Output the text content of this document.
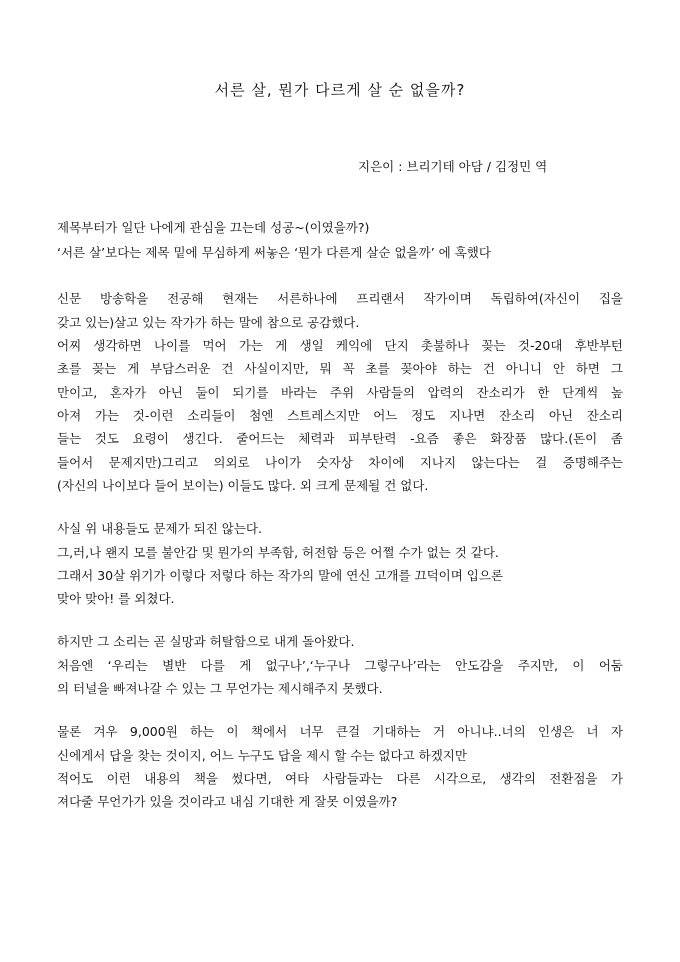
서른 살, 뭔가 다르게 살 순 없을까?
지은이 : 브리기테 아담 / 김정민 역
제목부터가 일단 나에게 관심을 끄는데 성공~(이였을까?)
‘서른 살’보다는 제목 밑에 무심하게 써놓은 ‘뭔가 다른게 살순 없을까’ 에 혹했다
신문 방송학을 전공해 현재는 서른하나에 프리랜서 작가이며 독립하여(자신이 집을
갖고 있는)살고 있는 작가가 하는 말에 참으로 공감했다.
어찌 생각하면 나이를 먹어 가는 게 생일 케익에 단지 촛불하나 꽂는 것-20대 후반부턴
초를 꽂는 게 부담스러운 건 사실이지만, 뭐 꼭 초를 꽂아야 하는 건 아니니 안 하면 그
만이고, 혼자가 아닌 둘이 되기를 바라는 주위 사람들의 압력의 잔소리가 한 단계씩 높
아져 가는 것-이런 소리들이 첨엔 스트레스지만 어느 정도 지나면 잔소리 아닌 잔소리
들는 것도 요령이 생긴다. 줄어드는 체력과 피부탄력 -요즘 좋은 화장품 많다.(돈이 좀
들어서 문제지만)그리고 의외로 나이가 숫자상 차이에 지나지 않는다는 걸 증명해주는
(자신의 나이보다 들어 보이는) 이들도 많다. 외 크게 문제될 건 없다.
사실 위 내용들도 문제가 되진 않는다.
그,러,나 왠지 모를 불안감 및 뭔가의 부족함, 허전함 등은 어쩔 수가 없는 것 같다.
그래서 30살 위기가 이렇다 저렇다 하는 작가의 말에 연신 고개를 끄덕이며 입으론
맞아 맞아! 를 외쳤다.
하지만 그 소리는 곧 실망과 허탈함으로 내게 돌아왔다.
처음엔 ‘우리는 별반 다를 게 없구나’,‘누구나 그렇구나’라는 안도감을 주지만, 이 어둠
의 터널을 빠져나갈 수 있는 그 무언가는 제시해주지 못했다.
물론 겨우 9,000원 하는 이 책에서 너무 큰걸 기대하는 거 아니냐..너의 인생은 너 자
신에게서 답을 찾는 것이지, 어느 누구도 답을 제시 할 수는 없다고 하겠지만
적어도 이런 내용의 책을 썼다면, 여타 사람들과는 다른 시각으로, 생각의 전환점을 가
져다줄 무언가가 있을 것이라고 내심 기대한 게 잘못 이였을까?
